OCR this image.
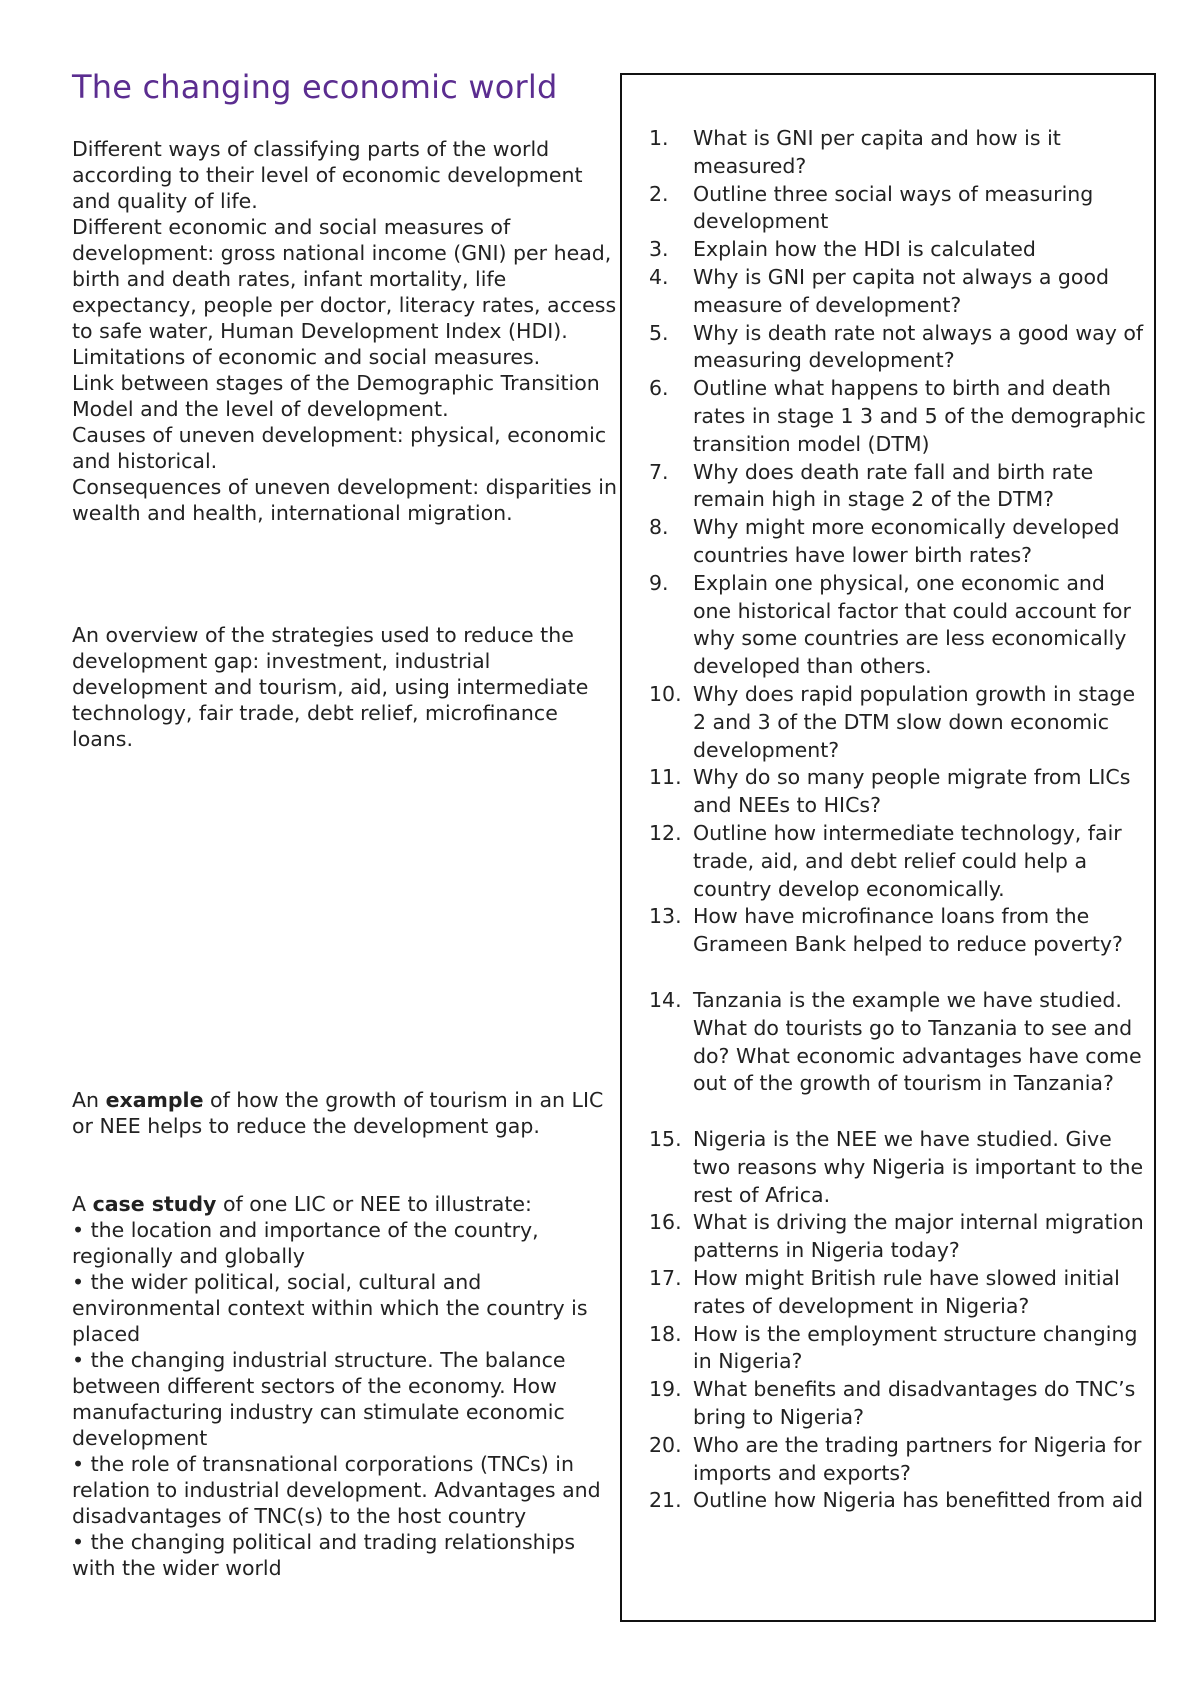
The changing economic world

Different ways of classifying parts of the world according to their level of economic development and quality of life.

Different economic and social measures of development: gross national income (GNI) per head, birth and death rates, infant mortality, life expectancy, people per doctor, literacy rates, access to safe water, Human Development Index (HDI).

Limitations of economic and social measures.

Link between stages of the Demographic Transition Model and the level of development.

Causes of uneven development: physical, economic and historical.

Consequences of uneven development: disparities in wealth and health, international migration.

An overview of the strategies used to reduce the development gap: investment, industrial development and tourism, aid, using intermediate technology, fair trade, debt relief, microfinance loans.

An example of how the growth of tourism in an LIC or NEE helps to reduce the development gap.

A case study of one LIC or NEE to illustrate:

• the location and importance of the country, regionally and globally

• the wider political, social, cultural and environmental context within which the country is placed

• the changing industrial structure. The balance between different sectors of the economy. How manufacturing industry can stimulate economic development

• the role of transnational corporations (TNCs) in relation to industrial development. Advantages and disadvantages of TNC(s) to the host country

• the changing political and trading relationships with the wider world

1. What is GNI per capita and how is it measured?
2. Outline three social ways of measuring development
3. Explain how the HDI is calculated
4. Why is GNI per capita not always a good measure of development?
5. Why is death rate not always a good way of measuring development?
6. Outline what happens to birth and death rates in stage 1 3 and 5 of the demographic transition model (DTM)
7. Why does death rate fall and birth rate remain high in stage 2 of the DTM?
8. Why might more economically developed countries have lower birth rates?
9. Explain one physical, one economic and one historical factor that could account for why some countries are less economically developed than others.
10. Why does rapid population growth in stage 2 and 3 of the DTM slow down economic development?
11. Why do so many people migrate from LICs and NEEs to HICs?
12. Outline how intermediate technology, fair trade, aid, and debt relief could help a country develop economically.
13. How have microfinance loans from the Grameen Bank helped to reduce poverty?
14. Tanzania is the example we have studied. What do tourists go to Tanzania to see and do? What economic advantages have come out of the growth of tourism in Tanzania?
15. Nigeria is the NEE we have studied. Give two reasons why Nigeria is important to the rest of Africa.
16. What is driving the major internal migration patterns in Nigeria today?
17. How might British rule have slowed initial rates of development in Nigeria?
18. How is the employment structure changing in Nigeria?
19. What benefits and disadvantages do TNC’s bring to Nigeria?
20. Who are the trading partners for Nigeria for imports and exports?
21. Outline how Nigeria has benefitted from aid
